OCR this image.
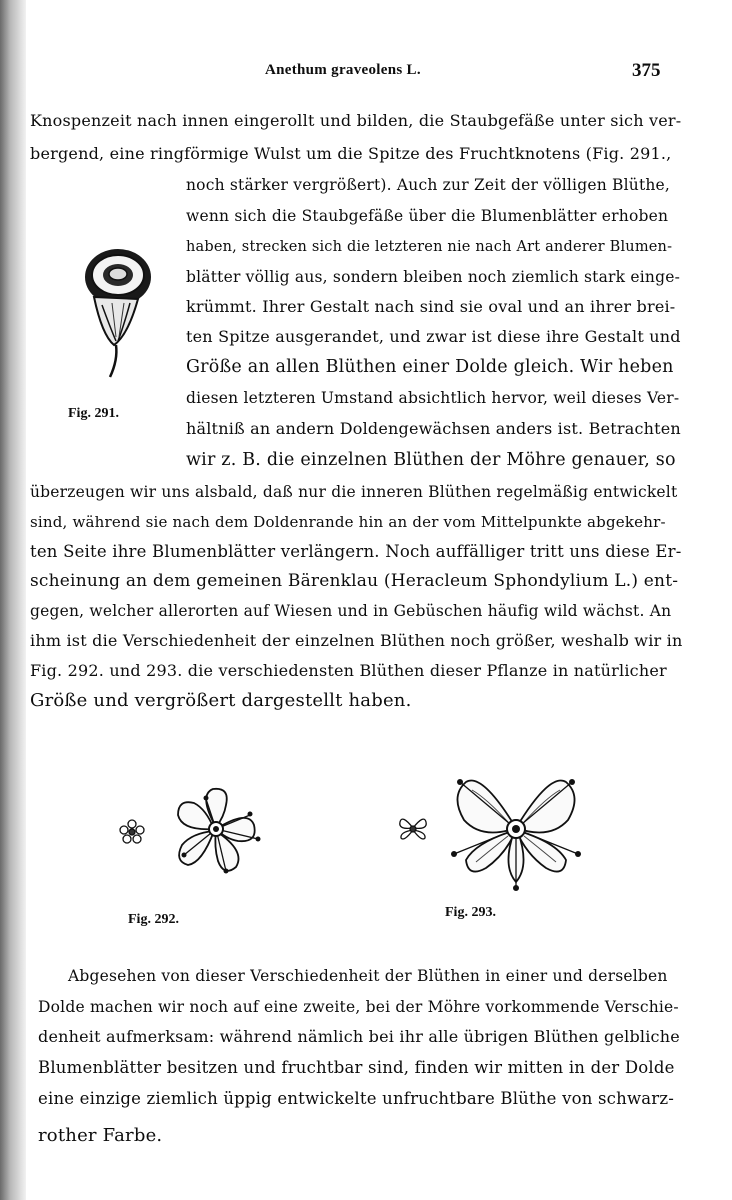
Anethum graveolens L.	375
Knospenzeit nach innen eingerollt und bilden, die Staubgefäße unter sich ver-
bergend, eine ringförmige Wulst um die Spitze des Fruchtknotens (Fig. 291.,
noch stärker vergrößert). Auch zur Zeit der völligen Blüthe,
wenn sich die Staubgefäße über die Blumenblätter erhoben
haben, strecken sich die letzteren nie nach Art anderer Blumen-
blätter völlig aus, sondern bleiben noch ziemlich stark einge-
krümmt. Ihrer Gestalt nach sind sie oval und an ihrer brei-
ten Spitze ausgerandet, und zwar ist diese ihre Gestalt und
Größe an allen Blüthen einer Dolde gleich. Wir heben
diesen letzteren Umstand absichtlich hervor, weil dieses Ver-
hältniß an andern Doldengewächsen anders ist. Betrachten
wir z. B. die einzelnen Blüthen der Möhre genauer, so
überzeugen wir uns alsbald, daß nur die inneren Blüthen regelmäßig entwickelt
sind, während sie nach dem Doldenrande hin an der vom Mittelpunkte abgekehr-
ten Seite ihre Blumenblätter verlängern. Noch auffälliger tritt uns diese Er-
scheinung an dem gemeinen Bärenklau (Heracleum Sphondylium L.) ent-
gegen, welcher allerorten auf Wiesen und in Gebüschen häufig wild wächst. An
ihm ist die Verschiedenheit der einzelnen Blüthen noch größer, weshalb wir in
Fig. 292. und 293. die verschiedensten Blüthen dieser Pflanze in natürlicher
Größe und vergrößert dargestellt haben.
Fig. 291.
Fig. 292.	Fig. 293.
Abgesehen von dieser Verschiedenheit der Blüthen in einer und derselben
Dolde machen wir noch auf eine zweite, bei der Möhre vorkommende Verschie-
denheit aufmerksam: während nämlich bei ihr alle übrigen Blüthen gelbliche
Blumenblätter besitzen und fruchtbar sind, finden wir mitten in der Dolde
eine einzige ziemlich üppig entwickelte unfruchtbare Blüthe von schwarz-
rother Farbe.
